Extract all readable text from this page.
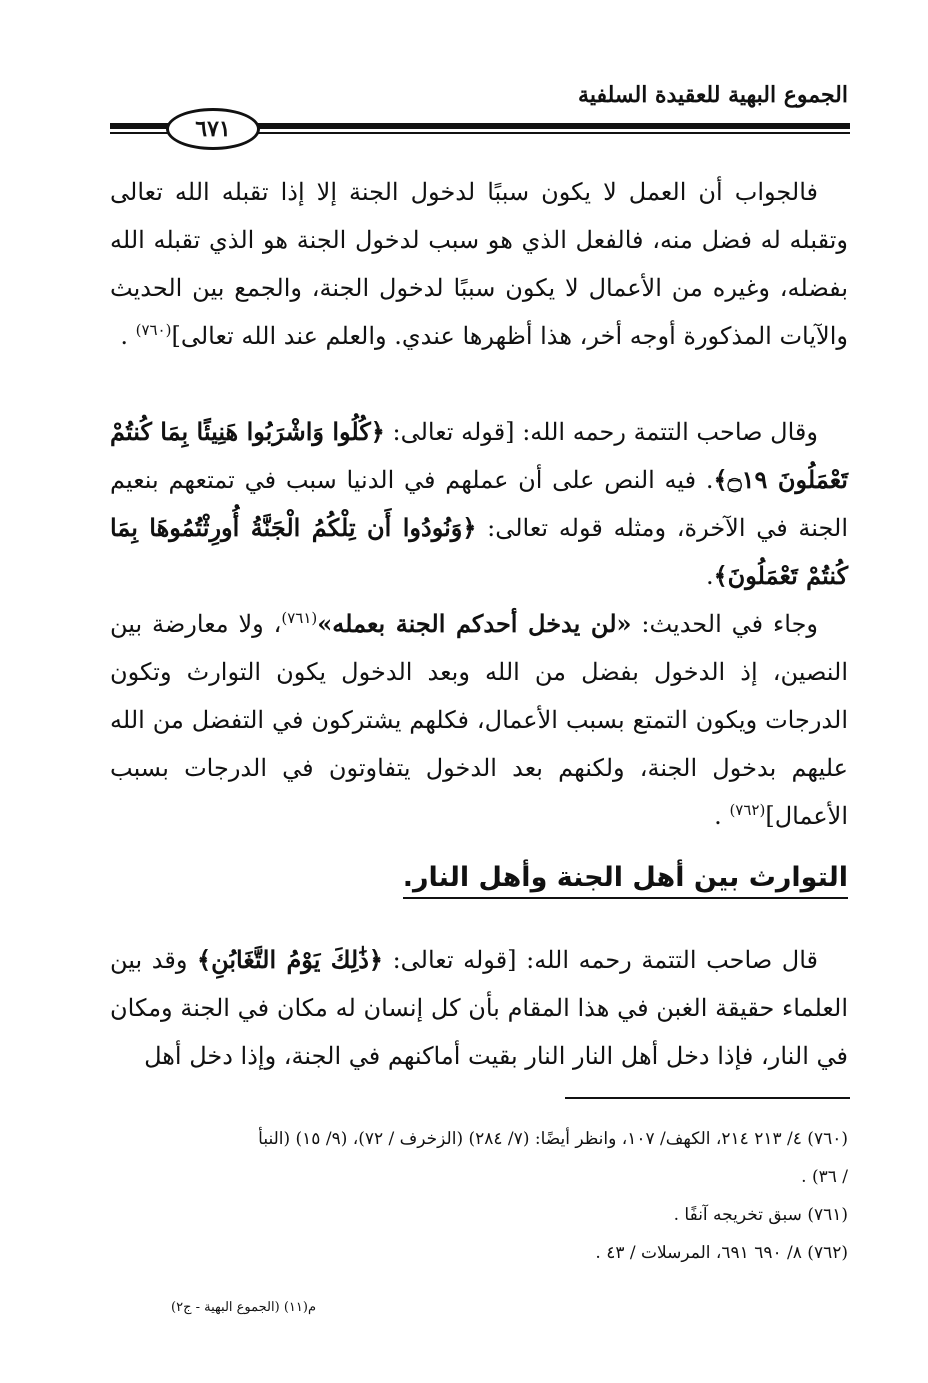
الجموع البهية للعقيدة السلفية
٦٧١

فالجواب أن العمل لا يكون سببًا لدخول الجنة إلا إذا تقبله الله تعالى وتقبله له فضل منه، فالفعل الذي هو سبب لدخول الجنة هو الذي تقبله الله بفضله، وغيره من الأعمال لا يكون سببًا لدخول الجنة، والجمع بين الحديث والآيات المذكورة أوجه أخر، هذا أظهرها عندي. والعلم عند الله تعالى]$^{(٧٦٠)}$ .

وقال صاحب التتمة رحمه الله: [قوله تعالى: ﴿كُلُوا وَاشْرَبُوا هَنِيئًا بِمَا كُنتُمْ تَعْمَلُونَ ۝١٩﴾. فيه النص على أن عملهم في الدنيا سبب في تمتعهم بنعيم الجنة في الآخرة، ومثله قوله تعالى: ﴿وَنُودُوا أَن تِلْكُمُ الْجَنَّةُ أُورِثْتُمُوهَا بِمَا كُنتُمْ تَعْمَلُونَ﴾.

وجاء في الحديث: «لن يدخل أحدكم الجنة بعمله»$^{(٧٦١)}$، ولا معارضة بين النصين، إذ الدخول بفضل من الله وبعد الدخول يكون التوارث وتكون الدرجات ويكون التمتع بسبب الأعمال، فكلهم يشتركون في التفضل من الله عليهم بدخول الجنة، ولكنهم بعد الدخول يتفاوتون في الدرجات بسبب الأعمال]$^{(٧٦٢)}$ .

التوارث بين أهل الجنة وأهل النار.

قال صاحب التتمة رحمه الله: [قوله تعالى: ﴿ذَٰلِكَ يَوْمُ التَّغَابُنِ﴾ وقد بين العلماء حقيقة الغبن في هذا المقام بأن كل إنسان له مكان في الجنة ومكان في النار، فإذا دخل أهل النار النار بقيت أماكنهم في الجنة، وإذا دخل أهل

(٧٦٠) ٤/ ٢١٣ ٢١٤، الكهف/ ١٠٧، وانظر أيضًا: (٧/ ٢٨٤) (الزخرف / ٧٢)، (٩/ ١٥) (النبأ

/ ٣٦) .

(٧٦١) سبق تخريجه آنفًا .

(٧٦٢) ٨/ ٦٩٠ ٦٩١، المرسلات / ٤٣ .

م(١١) (الجموع البهية - ج٢)
